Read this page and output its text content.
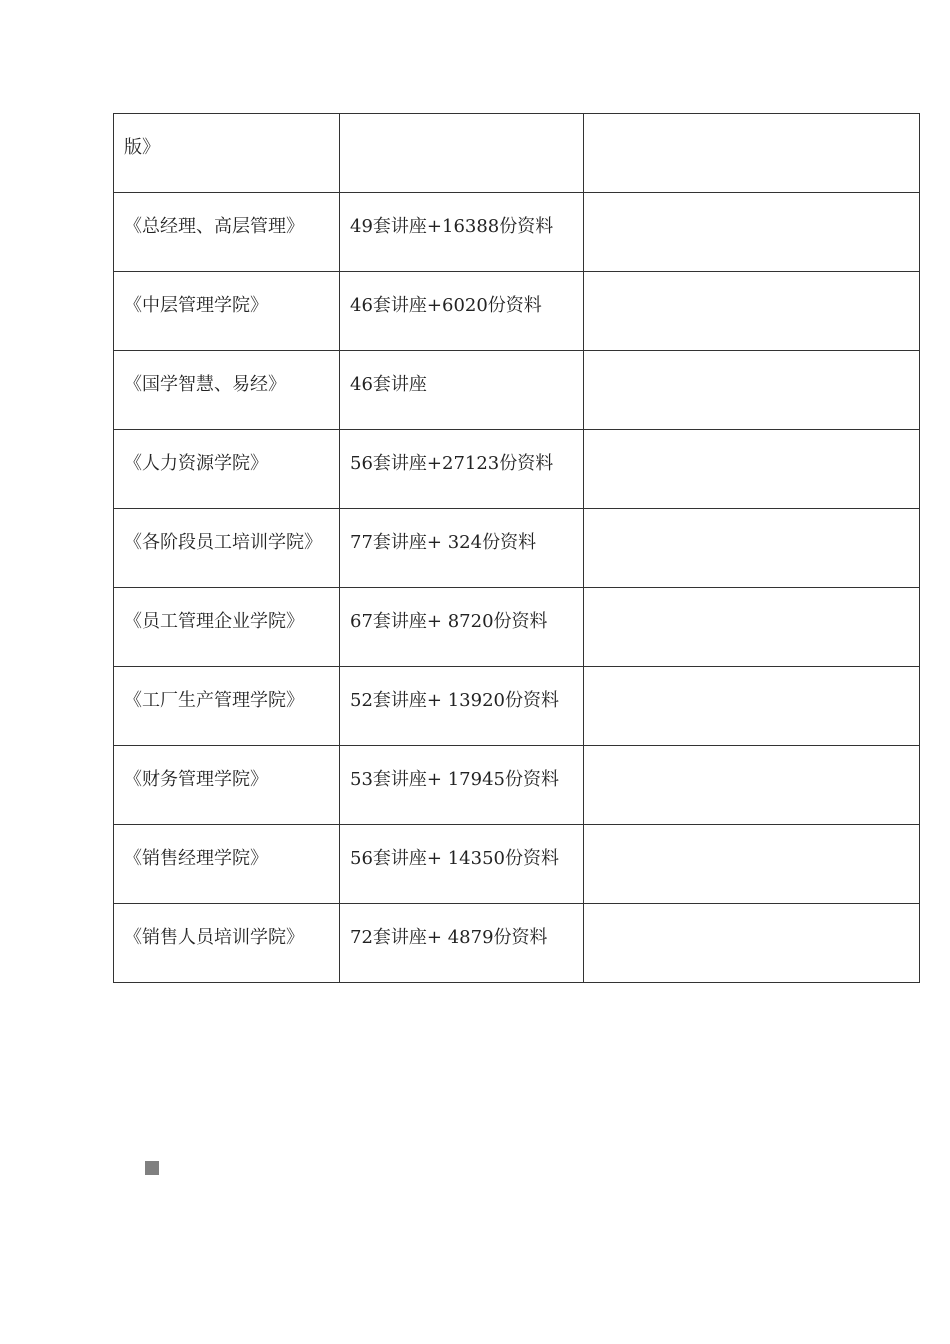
版》		

《总经理、高层管理》	49套讲座+16388份资料	

《中层管理学院》	46套讲座+6020份资料	

《国学智慧、易经》	46套讲座	

《人力资源学院》	56套讲座+27123份资料	

《各阶段员工培训学院》	77套讲座+ 324份资料	

《员工管理企业学院》	67套讲座+ 8720份资料	

《工厂生产管理学院》	52套讲座+ 13920份资料	

《财务管理学院》	53套讲座+ 17945份资料	

《销售经理学院》	56套讲座+ 14350份资料	

《销售人员培训学院》	72套讲座+ 4879份资料	
